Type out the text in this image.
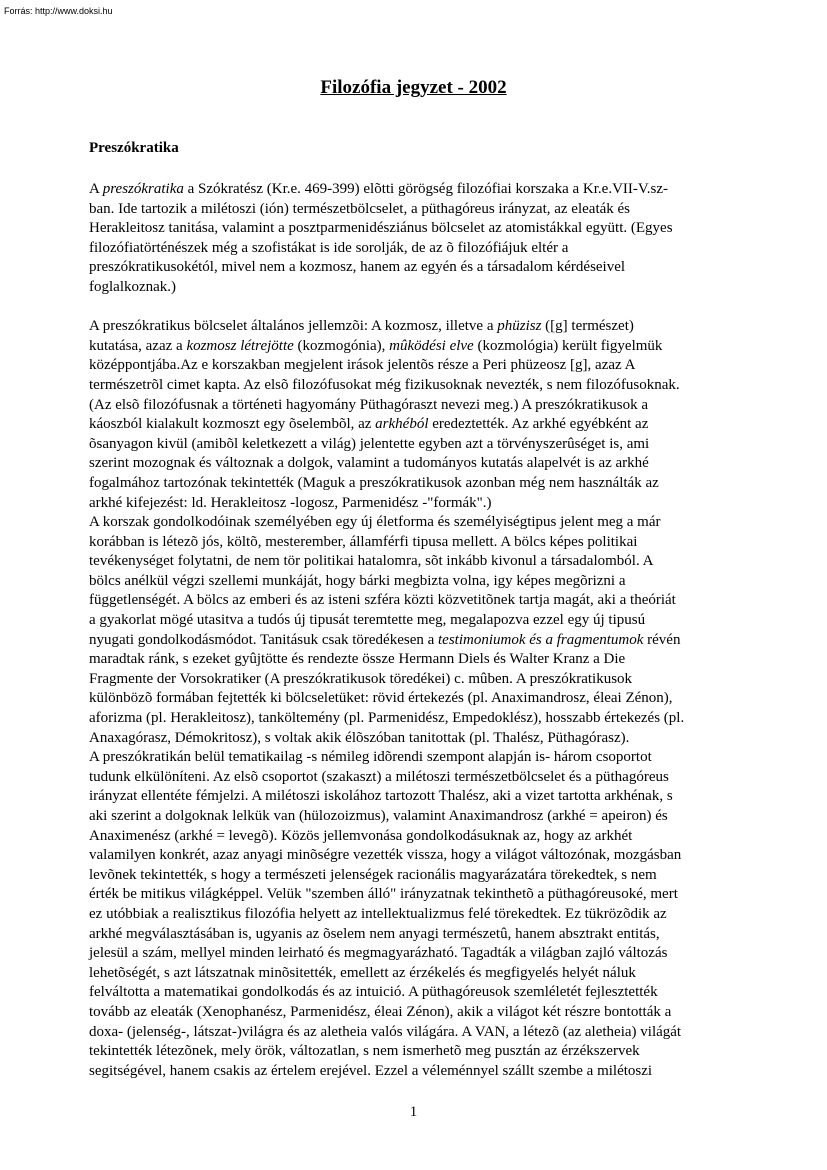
Forrás: http://www.doksi.hu
Filozófia jegyzet - 2002
Preszókratika
A preszókratika a Szókratész (Kr.e. 469-399) elõtti görögség filozófiai korszaka a Kr.e.VII-V.sz-
ban. Ide tartozik a milétoszi (ión) természetbölcselet, a püthagóreus irányzat, az eleaták és
Herakleitosz tanitása, valamint a posztparmenidésziánus bölcselet az atomistákkal együtt. (Egyes
filozófiatörténészek még a szofistákat is ide sorolják, de az õ filozófiájuk eltér a
preszókratikusokétól, mivel nem a kozmosz, hanem az egyén és a társadalom kérdéseivel
foglalkoznak.)
A preszókratikus bölcselet általános jellemzõi: A kozmosz, illetve a phüzisz ([g] természet)
kutatása, azaz a kozmosz létrejötte (kozmogónia), mûködési elve (kozmológia) került figyelmük
középpontjába.Az e korszakban megjelent irások jelentõs része a Peri phüzeosz [g], azaz A
természetrõl cimet kapta. Az elsõ filozófusokat még fizikusoknak nevezték, s nem filozófusoknak.
(Az elsõ filozófusnak a történeti hagyomány Püthagóraszt nevezi meg.) A preszókratikusok a
káoszból kialakult kozmoszt egy õselembõl, az arkhéból eredeztették. Az arkhé egyébként az
õsanyagon kivül (amibõl keletkezett a világ) jelentette egyben azt a törvényszerûséget is, ami
szerint mozognak és változnak a dolgok, valamint a tudományos kutatás alapelvét is az arkhé
fogalmához tartozónak tekintették (Maguk a preszókratikusok azonban még nem használták az
arkhé kifejezést: ld. Herakleitosz -logosz, Parmenidész -"formák".)
A korszak gondolkodóinak személyében egy új életforma és személyiségtipus jelent meg a már
korábban is létezõ jós, költõ, mesterember, államférfi tipusa mellett. A bölcs képes politikai
tevékenységet folytatni, de nem tör politikai hatalomra, sõt inkább kivonul a társadalomból. A
bölcs anélkül végzi szellemi munkáját, hogy bárki megbizta volna, igy képes megõrizni a
függetlenségét. A bölcs az emberi és az isteni szféra közti közvetitõnek tartja magát, aki a theóriát
a gyakorlat mögé utasitva a tudós új tipusát teremtette meg, megalapozva ezzel egy új tipusú
nyugati gondolkodásmódot. Tanitásuk csak töredékesen a testimoniumok és a fragmentumok révén
maradtak ránk, s ezeket gyûjtötte és rendezte össze Hermann Diels és Walter Kranz a Die
Fragmente der Vorsokratiker (A preszókratikusok töredékei) c. mûben. A preszókratikusok
különbözõ formában fejtették ki bölcseletüket: rövid értekezés (pl. Anaximandrosz, éleai Zénon),
aforizma (pl. Herakleitosz), tankölteménу (pl. Parmenidész, Empedoklész), hosszabb értekezés (pl.
Anaxagórasz, Démokritosz), s voltak akik élõszóban tanitottak (pl. Thalész, Püthagórasz).
A preszókratikán belül tematikailag -s némileg idõrendi szempont alapján is- három csoportot
tudunk elkülöníteni. Az elsõ csoportot (szakaszt) a milétoszi természetbölcselet és a püthagóreus
irányzat ellentéte fémjelzi. A milétoszi iskolához tartozott Thalész, aki a vizet tartotta arkhénak, s
aki szerint a dolgoknak lelkük van (hülozoizmus), valamint Anaximandrosz (arkhé = apeiron) és
Anaximenész (arkhé = levegõ). Közös jellemvonása gondolkodásuknak az, hogy az arkhét
valamilyen konkrét, azaz anyagi minõségre vezették vissza, hogy a világot változónak, mozgásban
levõnek tekintették, s hogy a természeti jelenségek racionális magyarázatára törekedtek, s nem
érték be mitikus világképpel. Velük "szemben álló" irányzatnak tekinthetõ a püthagóreusoké, mert
ez utóbbiak a realisztikus filozófia helyett az intellektualizmus felé törekedtek. Ez tükrözõdik az
arkhé megválasztásában is, ugyanis az õselem nem anyagi természetû, hanem absztrakt entitás,
jelesül a szám, mellyel minden leirható és megmagyarázható. Tagadták a világban zajló változás
lehetõségét, s azt látszatnak minõsitették, emellett az érzékelés és megfigyelés helyét náluk
felváltotta a matematikai gondolkodás és az intuició. A püthagóreusok szemléletét fejlesztették
tovább az eleaták (Xenophanész, Parmenidész, éleai Zénon), akik a világot két részre bontották a
doxa- (jelenség-, látszat-)világra és az aletheia valós világára. A VAN, a létezõ (az aletheia) világát
tekintették létezõnek, mely örök, változatlan, s nem ismerhetõ meg pusztán az érzékszervek
segitségével, hanem csakis az értelem erejével. Ezzel a véleménnyel szállt szembe a milétoszi
1
